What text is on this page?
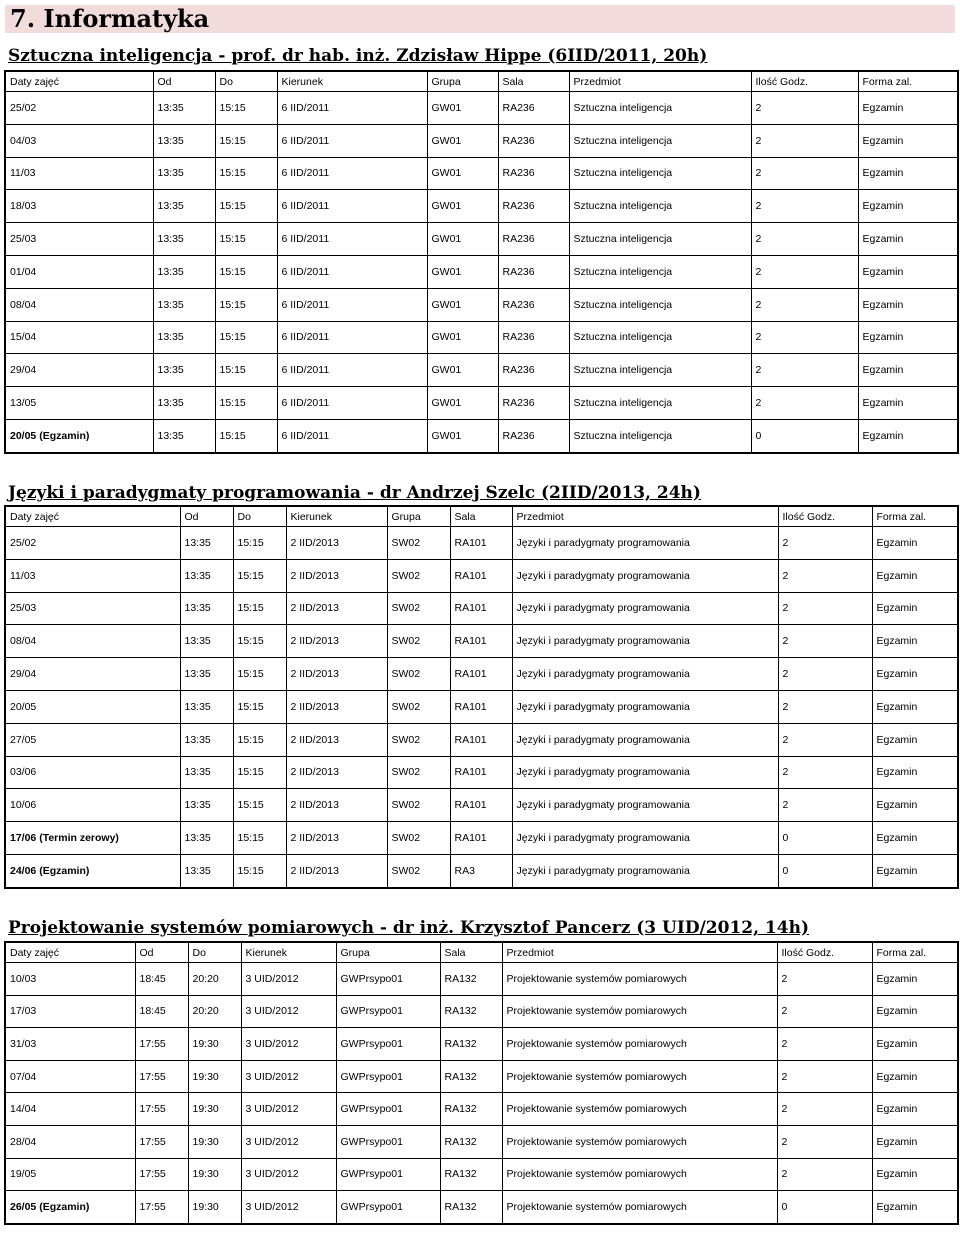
7. Informatyka
Sztuczna inteligencja - prof. dr hab. inż. Zdzisław Hippe (6IID/2011, 20h)
Daty zajęć	Od	Do	Kierunek	Grupa	Sala	Przedmiot	Ilość Godz.	Forma zal.
25/02	13:35	15:15	6 IID/2011	GW01	RA236	Sztuczna inteligencja	2	Egzamin
04/03	13:35	15:15	6 IID/2011	GW01	RA236	Sztuczna inteligencja	2	Egzamin
11/03	13:35	15:15	6 IID/2011	GW01	RA236	Sztuczna inteligencja	2	Egzamin
18/03	13:35	15:15	6 IID/2011	GW01	RA236	Sztuczna inteligencja	2	Egzamin
25/03	13:35	15:15	6 IID/2011	GW01	RA236	Sztuczna inteligencja	2	Egzamin
01/04	13:35	15:15	6 IID/2011	GW01	RA236	Sztuczna inteligencja	2	Egzamin
08/04	13:35	15:15	6 IID/2011	GW01	RA236	Sztuczna inteligencja	2	Egzamin
15/04	13:35	15:15	6 IID/2011	GW01	RA236	Sztuczna inteligencja	2	Egzamin
29/04	13:35	15:15	6 IID/2011	GW01	RA236	Sztuczna inteligencja	2	Egzamin
13/05	13:35	15:15	6 IID/2011	GW01	RA236	Sztuczna inteligencja	2	Egzamin
20/05 (Egzamin)	13:35	15:15	6 IID/2011	GW01	RA236	Sztuczna inteligencja	0	Egzamin
Języki i paradygmaty programowania - dr Andrzej Szelc (2IID/2013, 24h)
Daty zajęć	Od	Do	Kierunek	Grupa	Sala	Przedmiot	Ilość Godz.	Forma zal.
25/02	13:35	15:15	2 IID/2013	SW02	RA101	Języki i paradygmaty programowania	2	Egzamin
11/03	13:35	15:15	2 IID/2013	SW02	RA101	Języki i paradygmaty programowania	2	Egzamin
25/03	13:35	15:15	2 IID/2013	SW02	RA101	Języki i paradygmaty programowania	2	Egzamin
08/04	13:35	15:15	2 IID/2013	SW02	RA101	Języki i paradygmaty programowania	2	Egzamin
29/04	13:35	15:15	2 IID/2013	SW02	RA101	Języki i paradygmaty programowania	2	Egzamin
20/05	13:35	15:15	2 IID/2013	SW02	RA101	Języki i paradygmaty programowania	2	Egzamin
27/05	13:35	15:15	2 IID/2013	SW02	RA101	Języki i paradygmaty programowania	2	Egzamin
03/06	13:35	15:15	2 IID/2013	SW02	RA101	Języki i paradygmaty programowania	2	Egzamin
10/06	13:35	15:15	2 IID/2013	SW02	RA101	Języki i paradygmaty programowania	2	Egzamin
17/06 (Termin zerowy)	13:35	15:15	2 IID/2013	SW02	RA101	Języki i paradygmaty programowania	0	Egzamin
24/06 (Egzamin)	13:35	15:15	2 IID/2013	SW02	RA3	Języki i paradygmaty programowania	0	Egzamin
Projektowanie systemów pomiarowych - dr inż. Krzysztof Pancerz (3 UID/2012, 14h)
Daty zajęć	Od	Do	Kierunek	Grupa	Sala	Przedmiot	Ilość Godz.	Forma zal.
10/03	18:45	20:20	3 UID/2012	GWPrsypo01	RA132	Projektowanie systemów pomiarowych	2	Egzamin
17/03	18:45	20:20	3 UID/2012	GWPrsypo01	RA132	Projektowanie systemów pomiarowych	2	Egzamin
31/03	17:55	19:30	3 UID/2012	GWPrsypo01	RA132	Projektowanie systemów pomiarowych	2	Egzamin
07/04	17:55	19:30	3 UID/2012	GWPrsypo01	RA132	Projektowanie systemów pomiarowych	2	Egzamin
14/04	17:55	19:30	3 UID/2012	GWPrsypo01	RA132	Projektowanie systemów pomiarowych	2	Egzamin
28/04	17:55	19:30	3 UID/2012	GWPrsypo01	RA132	Projektowanie systemów pomiarowych	2	Egzamin
19/05	17:55	19:30	3 UID/2012	GWPrsypo01	RA132	Projektowanie systemów pomiarowych	2	Egzamin
26/05 (Egzamin)	17:55	19:30	3 UID/2012	GWPrsypo01	RA132	Projektowanie systemów pomiarowych	0	Egzamin
